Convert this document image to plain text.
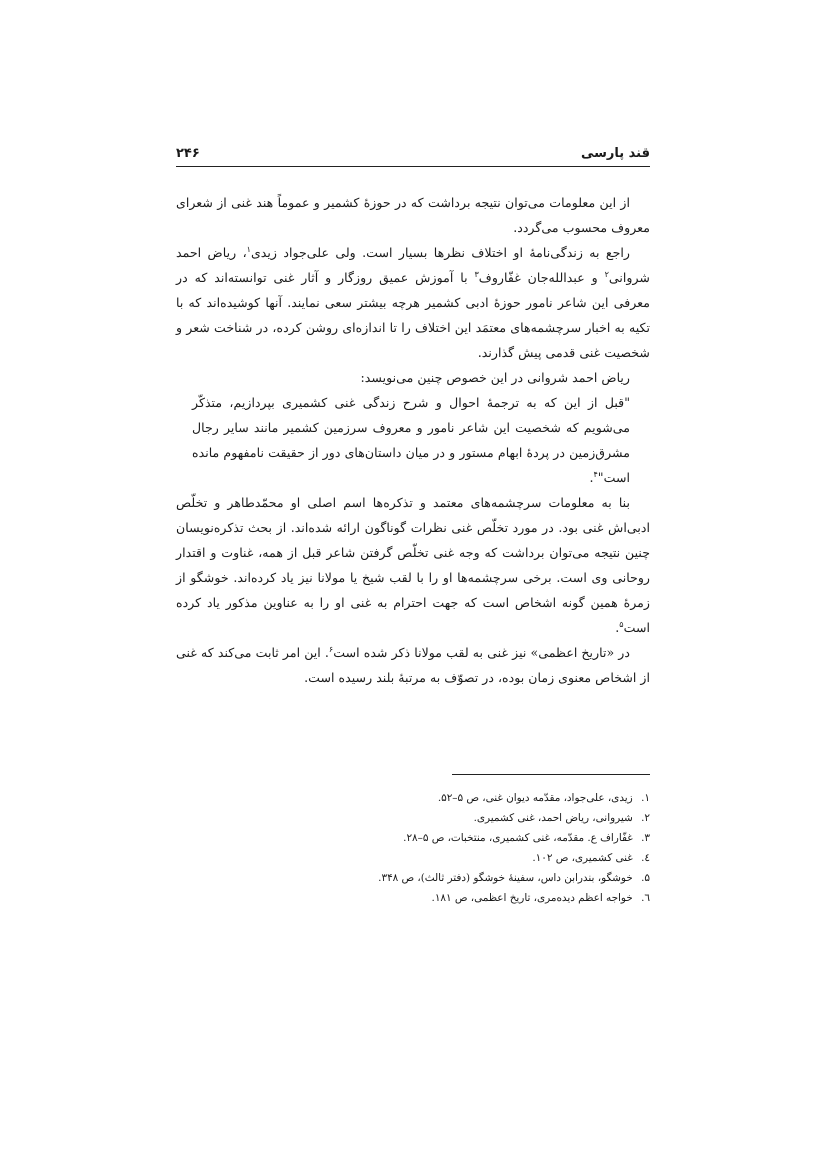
قند پارسی
۲۴۶

از این معلومات می‌توان نتیجه برداشت که در حوزهٔ کشمیر و عموماً هند غنی از شعرای معروف محسوب می‌گردد.

راجع به زندگی‌نامهٔ او اختلاف نظرها بسیار است. ولی علی‌جواد زیدی$^۱$، ریاض احمد شروانی$^۲$ و عبدالله‌جان غفّاروف$^۳$ با آموزش عمیق روزگار و آثار غنی توانسته‌اند که در معرفی این شاعر نامور حوزهٔ ادبی کشمیر هرچه بیشتر سعی نمایند. آنها کوشیده‌اند که با تکیه به اخبار سرچشمه‌های معتمَد این اختلاف را تا اندازه‌ای روشن کرده، در شناخت شعر و شخصیت غنی قدمی پیش گذارند.

ریاض احمد شروانی در این خصوص چنین می‌نویسد:

"قبل از این که به ترجمهٔ احوال و شرح زندگی غنی کشمیری بپردازیم، متذکّر می‌شویم که شخصیت این شاعر نامور و معروف سرزمین کشمیر مانند سایر رجال مشرق‌زمین در پردهٔ ابهام مستور و در میان داستان‌های دور از حقیقت نامفهوم مانده است"$^۴$.

بنا به معلومات سرچشمه‌های معتمد و تذکره‌ها اسم اصلی او محمّدطاهر و تخلّص ادبی‌اش غنی بود. در مورد تخلّص غنی نظرات گوناگون ارائه شده‌اند. از بحث تذکره‌نویسان چنین نتیجه می‌توان برداشت که وجه غنی تخلّص گرفتن شاعر قبل از همه، غناوت و اقتدار روحانی وی است. برخی سرچشمه‌ها او را با لقب شیخ یا مولانا نیز یاد کرده‌اند. خوشگو از زمرهٔ همین گونه اشخاص است که جهت احترام به غنی او را به عناوین مذکور یاد کرده است$^۵$.

در «تاریخ اعظمی» نیز غنی به لقب مولانا ذکر شده است$^۶$. این امر ثابت می‌کند که غنی از اشخاص معنوی زمان بوده، در تصوّف به مرتبهٔ بلند رسیده است.

۱. زیدی، علی‌جواد، مقدّمه دیوان غنی، ص ۵–۵۲.
۲. شیروانی، ریاض احمد، غنی کشمیری.
۳. غفّاراف ع. مقدّمه، غنی کشمیری، منتخبات، ص ۵–۲۸.
٤. غنی کشمیری، ص ۱۰۲.
۵. خوشگو، بندرابن داس، سفینهٔ خوشگو (دفتر ثالث)، ص ۳۴۸.
٦. خواجه اعظم دیده‌مری، تاریخ اعظمی، ص ۱۸۱.
